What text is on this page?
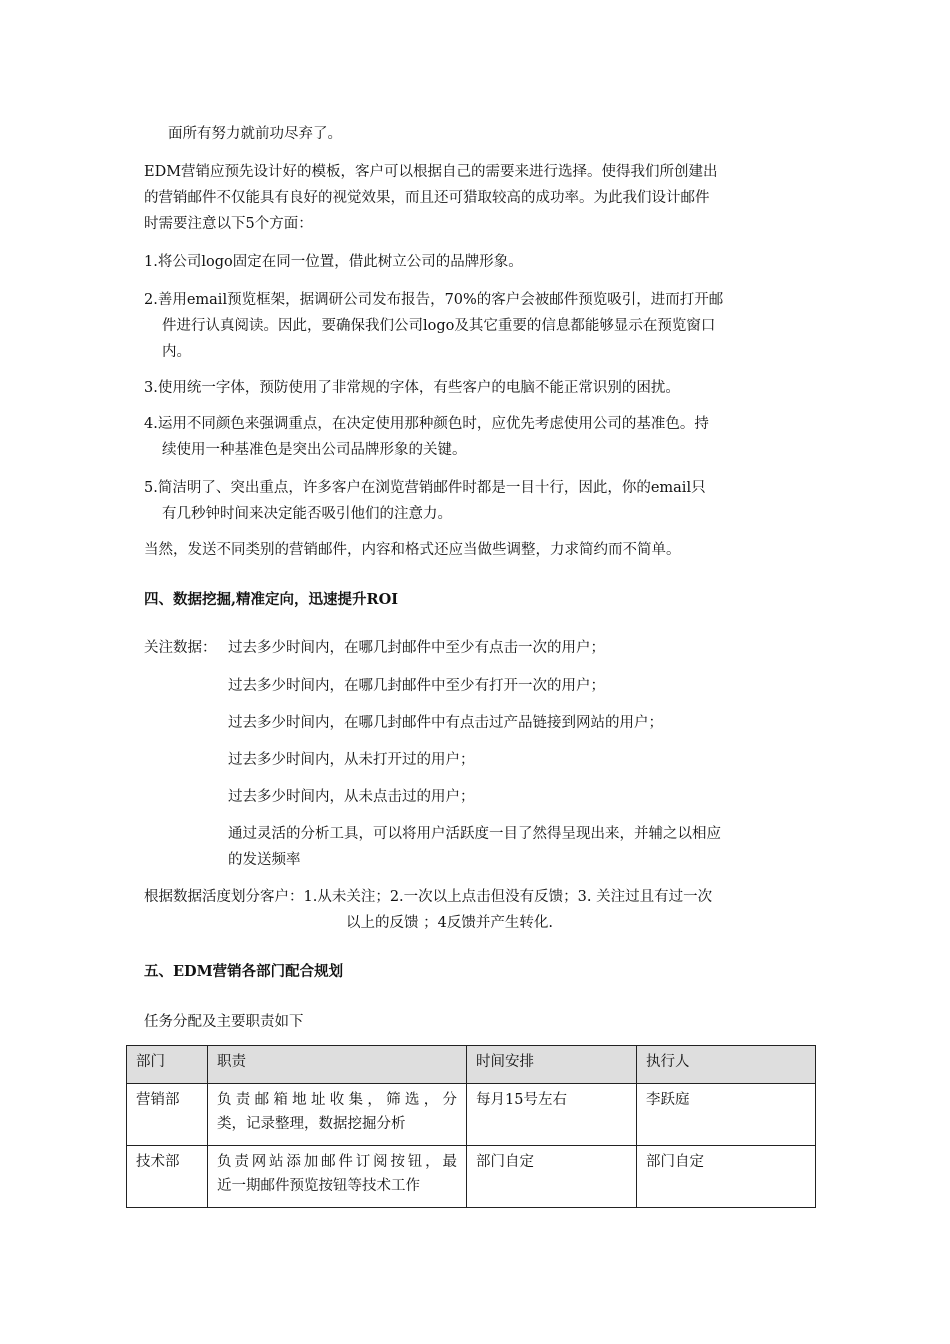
面所有努力就前功尽弃了。
EDM营销应预先设计好的模板，客户可以根据自己的需要来进行选择。使得我们所创建出
的营销邮件不仅能具有良好的视觉效果，而且还可猎取较高的成功率。为此我们设计邮件
时需要注意以下5个方面：
1.将公司logo固定在同一位置，借此树立公司的品牌形象。
2.善用email预览框架，据调研公司发布报告，70%的客户会被邮件预览吸引，进而打开邮
件进行认真阅读。因此，要确保我们公司logo及其它重要的信息都能够显示在预览窗口
内。
3.使用统一字体，预防使用了非常规的字体，有些客户的电脑不能正常识别的困扰。
4.运用不同颜色来强调重点，在决定使用那种颜色时，应优先考虑使用公司的基准色。持
续使用一种基准色是突出公司品牌形象的关键。
5.简洁明了、突出重点，许多客户在浏览营销邮件时都是一目十行，因此，你的email只
有几秒钟时间来决定能否吸引他们的注意力。
当然，发送不同类别的营销邮件，内容和格式还应当做些调整，力求简约而不简单。
四、数据挖掘,精准定向，迅速提升ROI
关注数据： 过去多少时间内，在哪几封邮件中至少有点击一次的用户；
过去多少时间内，在哪几封邮件中至少有打开一次的用户；
过去多少时间内，在哪几封邮件中有点击过产品链接到网站的用户；
过去多少时间内，从未打开过的用户；
过去多少时间内，从未点击过的用户；
通过灵活的分析工具，可以将用户活跃度一目了然得呈现出来，并辅之以相应
的发送频率
根据数据活度划分客户：1.从未关注；2.一次以上点击但没有反馈；3. 关注过且有过一次
以上的反馈 ；4反馈并产生转化.
五、EDM营销各部门配合规划
任务分配及主要职责如下
部门	职责	时间安排	执行人
营销部	负责邮箱地址收集，筛选，分
类，记录整理，数据挖掘分析	每月15号左右	李跃庭
技术部	负责网站添加邮件订阅按钮，最
近一期邮件预览按钮等技术工作	部门自定	部门自定
